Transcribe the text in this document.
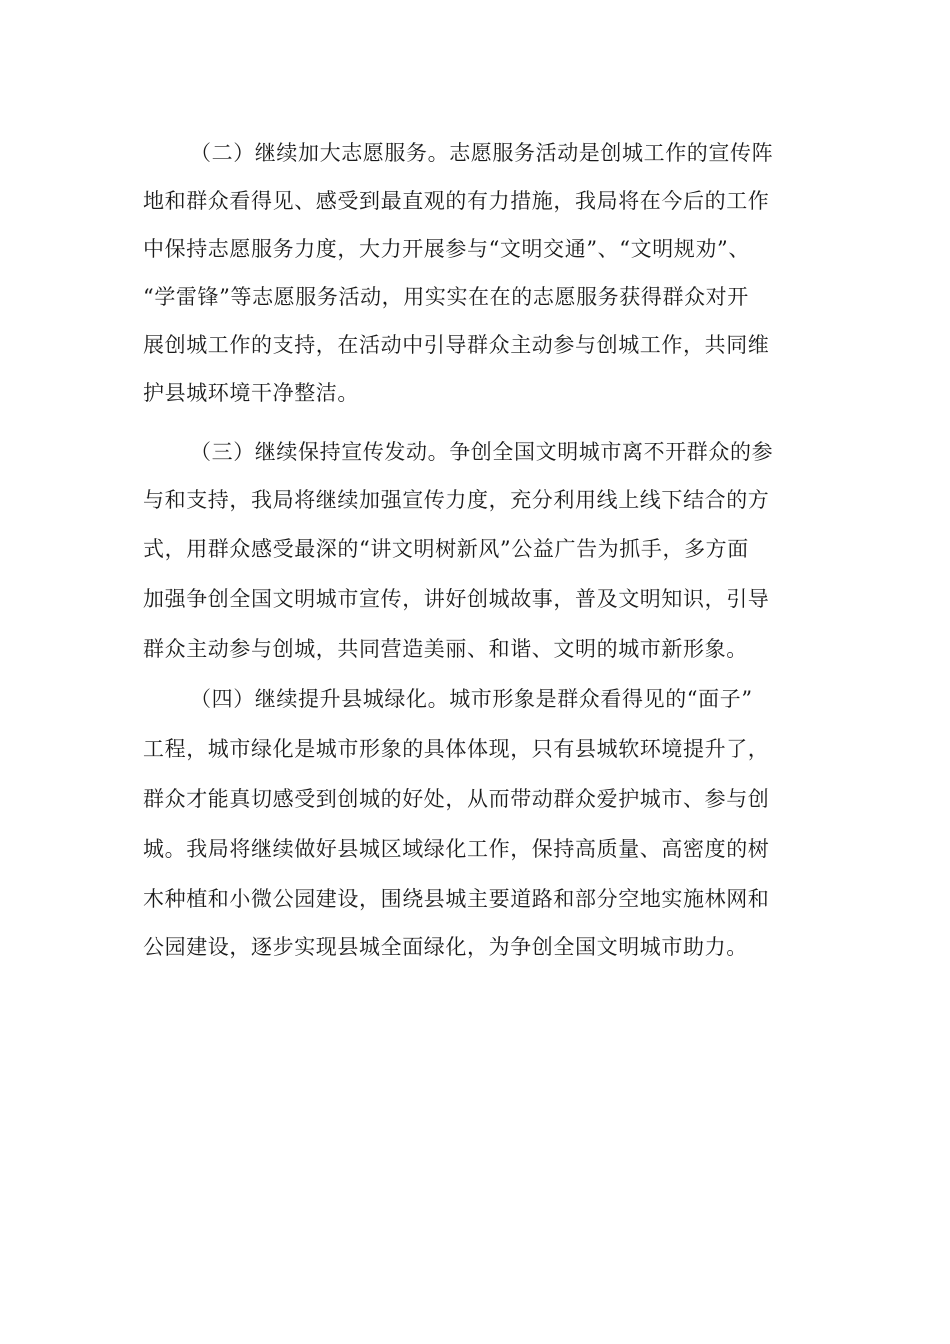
（二）继续加大志愿服务。志愿服务活动是创城工作的宣传阵
地和群众看得见、感受到最直观的有力措施，我局将在今后的工作
中保持志愿服务力度，大力开展参与“文明交通”、“文明规劝”、
“学雷锋”等志愿服务活动，用实实在在的志愿服务获得群众对开
展创城工作的支持，在活动中引导群众主动参与创城工作，共同维
护县城环境干净整洁。
（三）继续保持宣传发动。争创全国文明城市离不开群众的参
与和支持，我局将继续加强宣传力度，充分利用线上线下结合的方
式，用群众感受最深的“讲文明树新风”公益广告为抓手，多方面
加强争创全国文明城市宣传，讲好创城故事，普及文明知识，引导
群众主动参与创城，共同营造美丽、和谐、文明的城市新形象。
（四）继续提升县城绿化。城市形象是群众看得见的“面子”
工程，城市绿化是城市形象的具体体现，只有县城软环境提升了，
群众才能真切感受到创城的好处，从而带动群众爱护城市、参与创
城。我局将继续做好县城区域绿化工作，保持高质量、高密度的树
木种植和小微公园建设，围绕县城主要道路和部分空地实施林网和
公园建设，逐步实现县城全面绿化，为争创全国文明城市助力。
